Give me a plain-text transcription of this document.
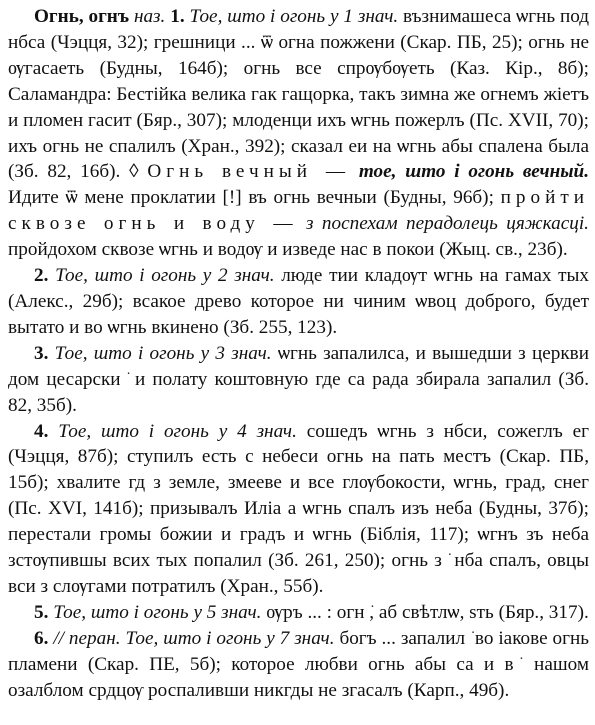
Огнь, огнъ наз. 1. Тое, што і огонь у 1 знач. възнимашеса ѡгнь под нбса (Чэцця, 32); грешници ... ѿ огна пожжени (Скар. ПБ, 25); огнь не ѹгасаеть (Будны, 164б); огнь все спрѹбѹеть (Каз. Кір., 8б); Саламандра: Бестійка велика гак гащорка, такъ зимна же огнемъ жіетъ и пломен гасит (Бяр., 307); млоденци ихъ ѡгнь пожерлъ (Пс. XVII, 70); ихъ огнь не спалилъ (Хран., 392); сказал еи на ѡгнь абы спалена была (Зб. 82, 16б). ◊ Огнь вечный — тое, што і огонь вечный. Идите ѿ мене проклатии [!] въ огнь вечныи (Будны, 96б); пройти сквозе огнь и воду — з поспехам перадолець цяжкасці. пройдохом сквозе ѡгнь и водѹ и изведе нас в покои (Жыц. св., 23б).

2. Тое, што і огонь у 2 знач. люде тии кладѹт ѡгнь на гамах тых (Алекс., 29б); всакое древо которое ни чиним ѡвоц доброго, будет вытато и во ѡгнь вкинено (Зб. 255, 123).

3. Тое, што і огонь у 3 знач. ѡгнь запалилса, и вышедши з церкви дом цесарски ͘ и полату коштовную где са рада збирала запалил (Зб. 82, 35б).

4. Тое, што і огонь у 4 знач. сошедъ ѡгнь з нбси, сожеглъ ег (Чэцця, 87б); ступилъ есть с небеси огнь на пать местъ (Скар. ПБ, 15б); хвалите гд з земле, змееве и все глѹбокости, ѡгнь, град, снег (Пс. XVI, 141б); призывалъ Иліа а ѡгнь спалъ изъ неба (Будны, 37б); перестали громы божии и градъ и ѡгнь (Біблія, 117); ѡгнъ зъ неба зстѹпившы всих тых попалил (Зб. 261, 250); огнь з ͘ нба спалъ, овцы вси з слѹгами потратилъ (Хран., 55б).

5. Тое, што і огонь у 5 знач. ѹръ ... : огн ͘, аб свѣтлѡ, ѕть (Бяр., 317).

6. // перан. Тое, што і огонь у 7 знач. богъ ... запалил ͘ во іакове огнь пламени (Скар. ПЕ, 5б); которое любви огнь абы са и в ͘ нашом озалблом срдцѹ роспаливши никгды не згасалъ (Карп., 49б).
